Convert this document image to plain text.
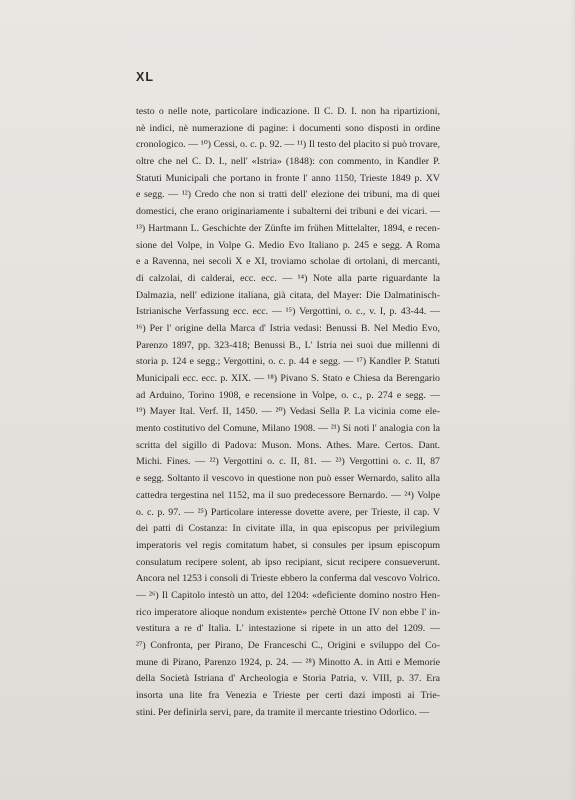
XL
testo o nelle note, particolare indicazione. Il C. D. I. non ha ripartizioni,
nè indici, nè numerazione di pagine: i documenti sono disposti in ordine
cronologico. — ¹⁰) Cessi, o. c. p. 92. — ¹¹) Il testo del placito si può trovare,
oltre che nel C. D. I., nell' «Istria» (1848): con commento, in Kandler P.
Statuti Municipali che portano in fronte l' anno 1150, Trieste 1849 p. XV
e segg. — ¹²) Credo che non si tratti dell' elezione dei tribuni, ma di quei
domestici, che erano originariamente i subalterni dei tribuni e dei vicari. —
¹³) Hartmann L. Geschichte der Zünfte im frühen Mittelalter, 1894, e recen-
sione del Volpe, in Volpe G. Medio Evo Italiano p. 245 e segg. A Roma
e a Ravenna, nei secoli X e XI, troviamo scholae di ortolani, di mercanti,
di calzolai, di calderai, ecc. ecc. — ¹⁴) Note alla parte riguardante la
Dalmazia, nell' edizione italiana, già citata, del Mayer: Die Dalmatinisch-
Istrianische Verfassung ecc. ecc. — ¹⁵) Vergottini, o. c., v. I, p. 43-44. —
¹⁶) Per l' origine della Marca d' Istria vedasi: Benussi B. Nel Medio Evo,
Parenzo 1897, pp. 323-418; Benussi B., L' Istria nei suoi due millenni di
storia p. 124 e segg.; Vergottini, o. c. p. 44 e segg. — ¹⁷) Kandler P. Statuti
Municipali ecc. ecc. p. XIX. — ¹⁸) Pivano S. Stato e Chiesa da Berengario
ad Arduino, Torino 1908, e recensione in Volpe, o. c., p. 274 e segg. —
¹⁹) Mayer Ital. Verf. II, 1450. — ²⁰) Vedasi Sella P. La vicinia come ele-
mento costitutivo del Comune, Milano 1908. — ²¹) Si noti l' analogia con la
scritta del sigillo di Padova: Muson. Mons. Athes. Mare. Certos. Dant.
Michi. Fines. — ²²) Vergottini o. c. II, 81. — ²³) Vergottini o. c. II, 87
e segg. Soltanto il vescovo in questione non può esser Wernardo, salito alla
cattedra tergestina nel 1152, ma il suo predecessore Bernardo. — ²⁴) Volpe
o. c. p. 97. — ²⁵) Particolare interesse dovette avere, per Trieste, il cap. V
dei patti di Costanza: In civitate illa, in qua episcopus per privilegium
imperatoris vel regis comitatum habet, si consules per ipsum episcopum
consulatum recipere solent, ab ipso recipiant, sicut recipere consueverunt.
Ancora nel 1253 i consoli di Trieste ebbero la conferma dal vescovo Volrico.
— ²⁶) Il Capitolo intestò un atto, del 1204: «deficiente domino nostro Hen-
rico imperatore alioque nondum existente» perchè Ottone IV non ebbe l' in-
vestitura a re d' Italia. L' intestazione si ripete in un atto del 1209. —
²⁷) Confronta, per Pirano, De Franceschi C., Origini e sviluppo del Co-
mune di Pirano, Parenzo 1924, p. 24. — ²⁸) Minotto A. in Atti e Memorie
della Società Istriana d' Archeologia e Storia Patria, v. VIII, p. 37. Era
insorta una lite fra Venezia e Trieste per certi dazi imposti ai Trie-
stini. Per definirla servi, pare, da tramite il mercante triestino Odorlico. —
